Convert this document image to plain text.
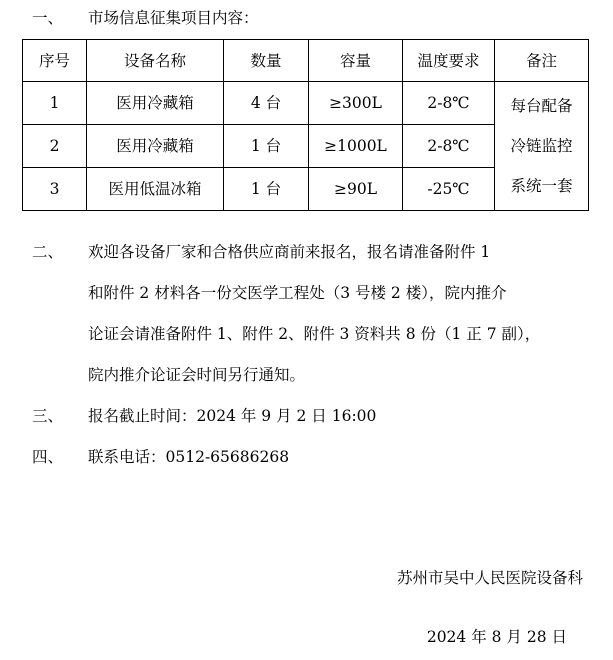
一、 市场信息征集项目内容：
序号	设备名称	数量	容量	温度要求	备注
1	医用冷藏箱	4 台	≥300L	2-8℃	每台配备
冷链监控
系统一套

2	医用冷藏箱	1 台	≥1000L	2-8℃	
3	医用低温冰箱	1 台	≥90L	-25℃	
二、 欢迎各设备厂家和合格供应商前来报名，报名请准备附件 1
和附件 2 材料各一份交医学工程处（3 号楼 2 楼），院内推介
论证会请准备附件 1、附件 2、附件 3 资料共 8 份（1 正 7 副），
院内推介论证会时间另行通知。
三、 报名截止时间：2024 年 9 月 2 日 16:00
四、 联系电话：0512-65686268
苏州市吴中人民医院设备科
2024 年 8 月 28 日
